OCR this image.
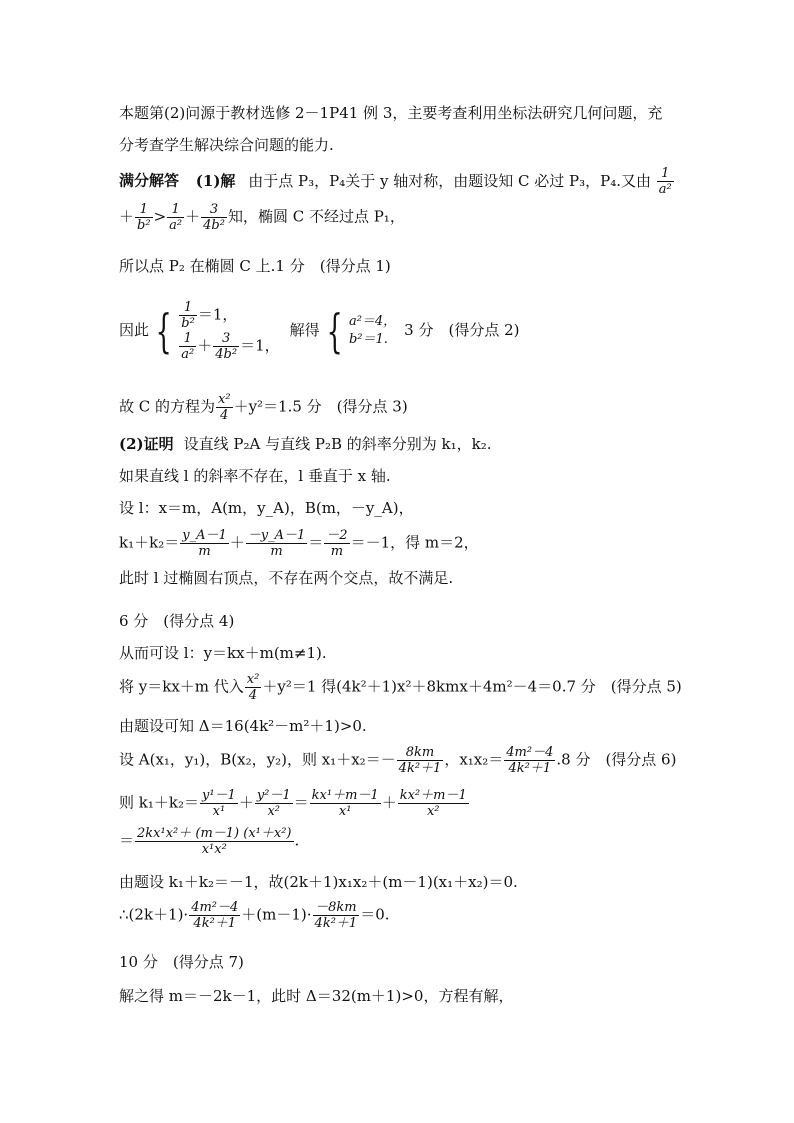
本题第(2)问源于教材选修 2－1P41 例 3，主要考查利用坐标法研究几何问题，充
分考查学生解决综合问题的能力.
满分解答 (1)解 由于点 P₃，P₄关于 y 轴对称，由题设知 C 必过 P₃，P₄.又由 $\frac{1}{\text{a²}}$
＋ $\frac{1}{\text{b²}} > \frac{1}{\text{a²}} + \frac{3}{\text{4b²}}$ 知，椭圆 C 不经过点 P₁，
所以点 P₂ 在椭圆 C 上.1 分　(得分点 1)
因此 { $\frac{1}{\text{b²}} =1$，
$\frac{1}{\text{a²}} + \frac{3}{\text{4b²}} =1$，
解得 { a²＝4，
b²＝1.
3 分　(得分点 2)
故 C 的方程为 $\frac{\text{x²}}{4} +y^2=1.5$ 分　(得分点 3)
(2)证明 设直线 P₂A 与直线 P₂B 的斜率分别为 k₁，k₂.
如果直线 l 的斜率不存在，l 垂直于 x 轴.
设 l：x＝m，A(m，y_A)，B(m，－y_A)，
$k_1+k_2= \frac{y\_A-1}{m} + \frac{-y\_A-1}{m} = \frac{-2}{m} =-1$，得 m＝2，
此时 l 过椭圆右顶点，不存在两个交点，故不满足.
6 分　(得分点 4)
从而可设 l：y＝kx＋m(m≠1).
将 y＝kx＋m 代入 $\frac{\text{x²}}{4} +y^2=1$ 得(4k²＋1)x²＋8kmx＋4m²－4＝0.7 分　(得分点 5)
由题设可知 Δ＝16(4k²－m²＋1)>0.
设 A(x₁，y₁)，B(x₂，y₂)，则 $x_1+x_2=- \frac{8km}{\text{4k²＋1}}$ ，$x_1x_2= \frac{\text{4m²－4}}{\text{4k²＋1}} .8$ 分　(得分点 6)
则 $k_1+k_2= \frac{\text{y¹－1}}{\text{x¹}} + \frac{\text{y²－1}}{\text{x²}} = \frac{\text{kx¹＋m－1}}{\text{x¹}} + \frac{\text{kx²＋m－1}}{\text{x²}}$
＝ $\frac{\text{2kx¹x²＋ (m－1) (x¹＋x²)}}{\text{x¹x²}}$ .
由题设 k₁＋k₂＝－1，故(2k＋1)x₁x₂＋(m－1)(x₁＋x₂)＝0.
∴(2k＋1)· $\frac{\text{4m²－4}}{\text{4k²＋1}} +(m-1)\cdot \frac{-8km}{\text{4k²＋1}} =0$.
10 分　(得分点 7)
解之得 m＝－2k－1，此时 Δ＝32(m＋1)>0，方程有解，
